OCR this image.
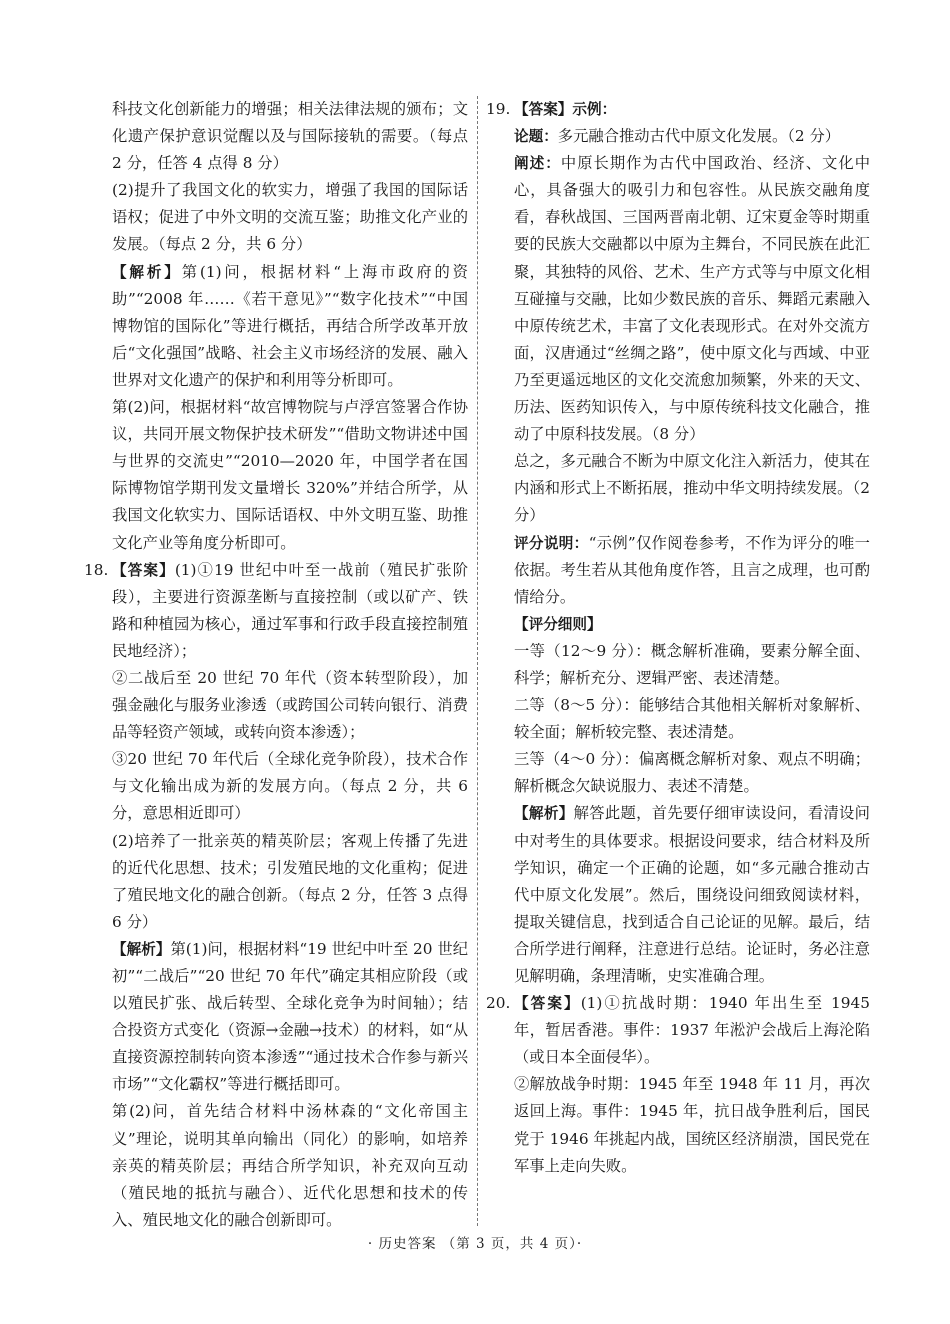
科技文化创新能力的增强；相关法律法规的颁布；文化遗产保护意识觉醒以及与国际接轨的需要。（每点 2 分，任答 4 点得 8 分）

(2)提升了我国文化的软实力，增强了我国的国际话语权；促进了中外文明的交流互鉴；助推文化产业的发展。（每点 2 分，共 6 分）

【解析】第(1)问，根据材料“上海市政府的资助”“2008 年……《若干意见》”“数字化技术”“中国博物馆的国际化”等进行概括，再结合所学改革开放后“文化强国”战略、社会主义市场经济的发展、融入世界对文化遗产的保护和利用等分析即可。

第(2)问，根据材料“故宫博物院与卢浮宫签署合作协议，共同开展文物保护技术研发”“借助文物讲述中国与世界的交流史”“2010—2020 年，中国学者在国际博物馆学期刊发文量增长 320%”并结合所学，从我国文化软实力、国际话语权、中外文明互鉴、助推文化产业等角度分析即可。

18. 【答案】(1)①19 世纪中叶至一战前（殖民扩张阶段），主要进行资源垄断与直接控制（或以矿产、铁路和种植园为核心，通过军事和行政手段直接控制殖民地经济）；

②二战后至 20 世纪 70 年代（资本转型阶段），加强金融化与服务业渗透（或跨国公司转向银行、消费品等轻资产领域，或转向资本渗透）；

③20 世纪 70 年代后（全球化竞争阶段），技术合作与文化输出成为新的发展方向。（每点 2 分，共 6 分，意思相近即可）

(2)培养了一批亲英的精英阶层；客观上传播了先进的近代化思想、技术；引发殖民地的文化重构；促进了殖民地文化的融合创新。（每点 2 分，任答 3 点得 6 分）

【解析】第(1)问，根据材料“19 世纪中叶至 20 世纪初”“二战后”“20 世纪 70 年代”确定其相应阶段（或以殖民扩张、战后转型、全球化竞争为时间轴）；结合投资方式变化（资源→金融→技术）的材料，如“从直接资源控制转向资本渗透”“通过技术合作参与新兴市场”“文化霸权”等进行概括即可。

第(2)问，首先结合材料中汤林森的“文化帝国主义”理论，说明其单向输出（同化）的影响，如培养亲英的精英阶层；再结合所学知识，补充双向互动（殖民地的抵抗与融合）、近代化思想和技术的传入、殖民地文化的融合创新即可。

19. 【答案】示例：

论题：多元融合推动古代中原文化发展。（2 分）

阐述：中原长期作为古代中国政治、经济、文化中心，具备强大的吸引力和包容性。从民族交融角度看，春秋战国、三国两晋南北朝、辽宋夏金等时期重要的民族大交融都以中原为主舞台，不同民族在此汇聚，其独特的风俗、艺术、生产方式等与中原文化相互碰撞与交融，比如少数民族的音乐、舞蹈元素融入中原传统艺术，丰富了文化表现形式。在对外交流方面，汉唐通过“丝绸之路”，使中原文化与西域、中亚乃至更遥远地区的文化交流愈加频繁，外来的天文、历法、医药知识传入，与中原传统科技文化融合，推动了中原科技发展。（8 分）

总之，多元融合不断为中原文化注入新活力，使其在内涵和形式上不断拓展，推动中华文明持续发展。（2 分）

评分说明：“示例”仅作阅卷参考，不作为评分的唯一依据。考生若从其他角度作答，且言之成理，也可酌情给分。

【评分细则】

一等（12～9 分）：概念解析准确，要素分解全面、科学；解析充分、逻辑严密、表述清楚。

二等（8～5 分）：能够结合其他相关解析对象解析、较全面；解析较完整、表述清楚。

三等（4～0 分）：偏离概念解析对象、观点不明确；解析概念欠缺说服力、表述不清楚。

【解析】解答此题，首先要仔细审读设问，看清设问中对考生的具体要求。根据设问要求，结合材料及所学知识，确定一个正确的论题，如“多元融合推动古代中原文化发展”。然后，围绕设问细致阅读材料，提取关键信息，找到适合自己论证的见解。最后，结合所学进行阐释，注意进行总结。论证时，务必注意见解明确，条理清晰，史实准确合理。

20. 【答案】(1)①抗战时期：1940 年出生至 1945 年，暂居香港。事件：1937 年淞沪会战后上海沦陷（或日本全面侵华）。

②解放战争时期：1945 年至 1948 年 11 月，再次返回上海。事件：1945 年，抗日战争胜利后，国民党于 1946 年挑起内战，国统区经济崩溃，国民党在军事上走向失败。

· 历史答案 （第 3 页，共 4 页）·
